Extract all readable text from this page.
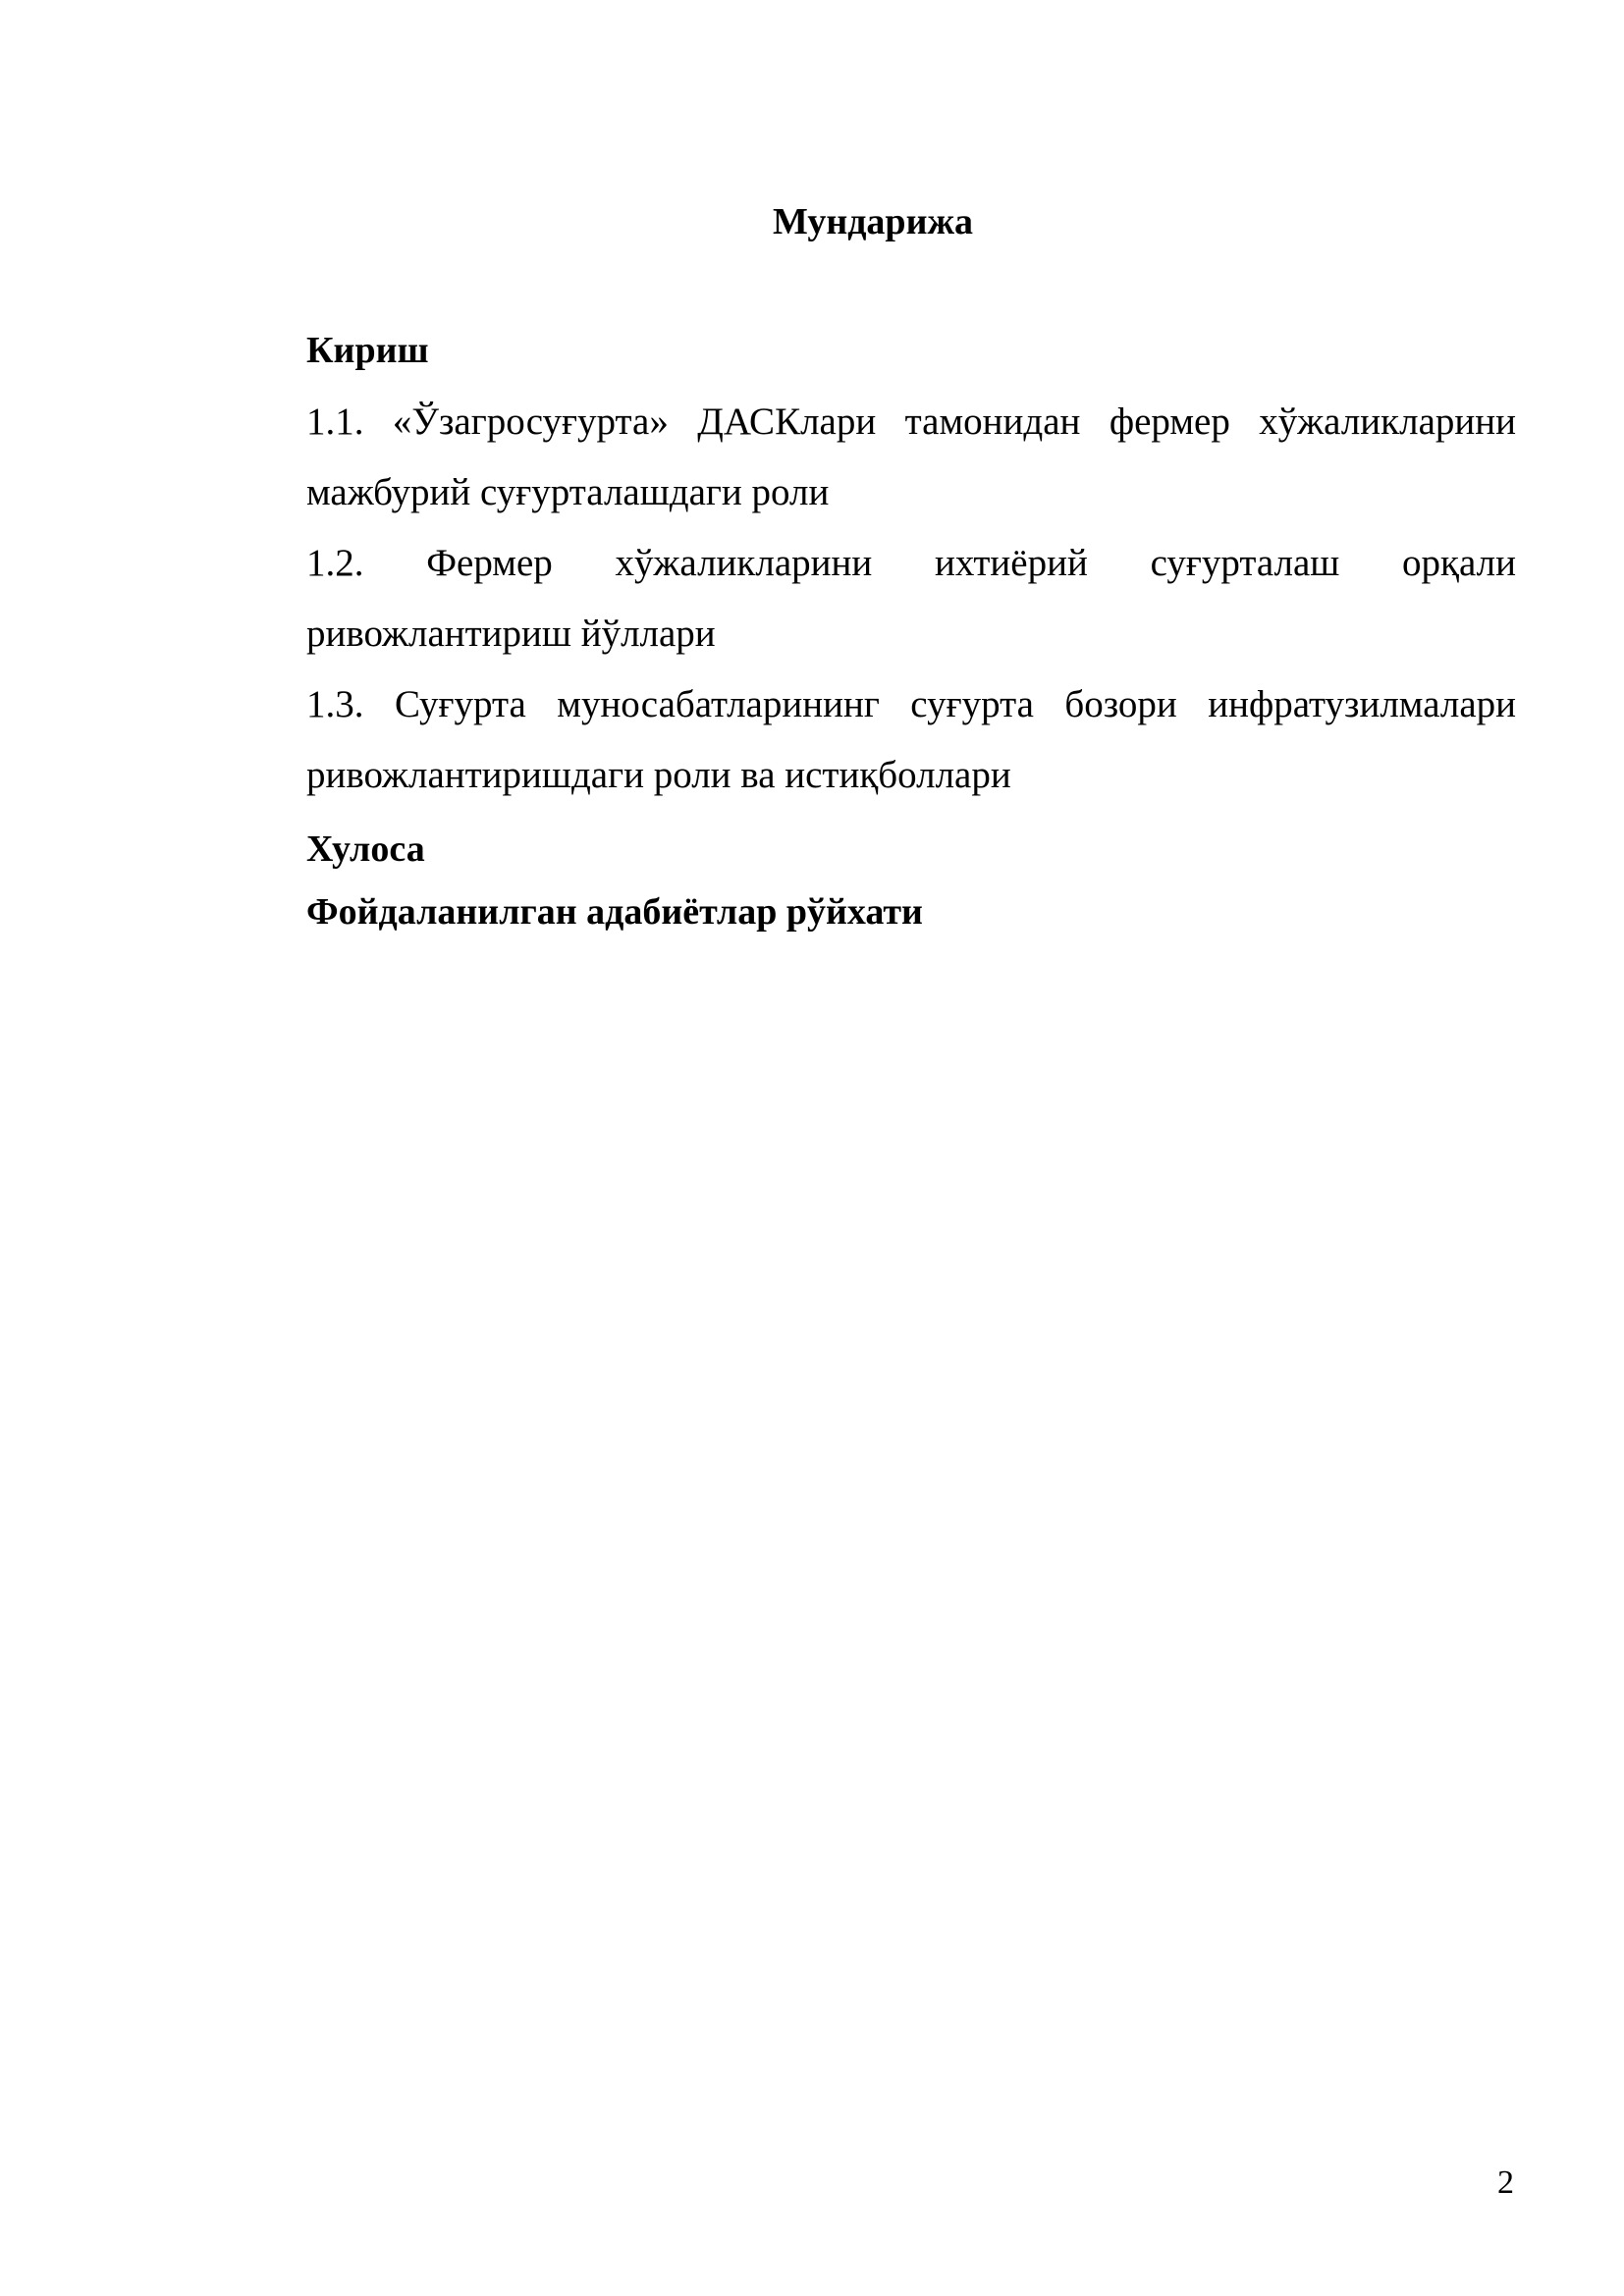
Мундарижа

Кириш

1.1. «Ўзагросуғурта» ДАСКлари тамонидан фермер хўжаликларини
мажбурий суғурталашдаги роли

1.2. Фермер хўжаликларини ихтиёрий суғурталаш орқали
ривожлантириш йўллари

1.3. Суғурта муносабатларининг суғурта бозори инфратузилмалари
ривожлантиришдаги роли ва истиқболлари

Хулоса

Фойдаланилган адабиётлар рўйхати

2
